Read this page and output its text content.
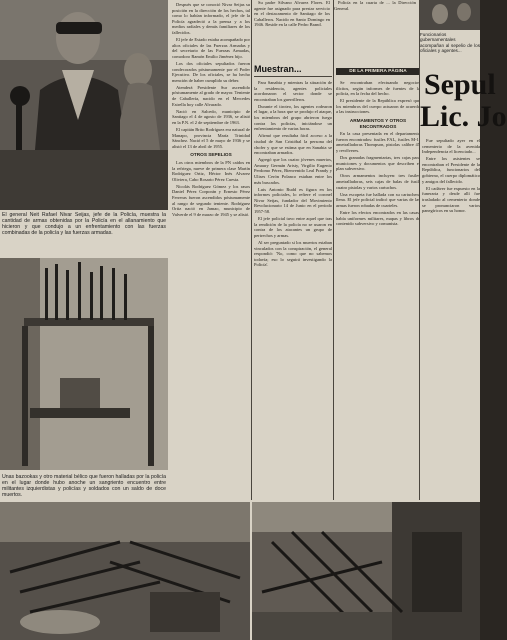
El general Neit Rafael Nivar Seijas, jefe de la Policía, muestra la cantidad de armas obtenidas por la Policía en el allanamiento que hicieron y que condujo a un enfrentamiento con las fuerzas combinadas de la policía y las fuerzas armadas.
Unas bazookas y otro material bélico que fueron halladas por la policía en el lugar donde hubo anoche un sangriento encuentro entre militantes izquierdistas y policías y soldados con un saldo de doce muertos.

Después que se conoció Nivar Seijas su posición en la dirección de los hechos, tal como lo habían informado, el jefe de la Policía agradeció a la prensa y a los medios radiales y demás familiares de los fallecidos.

El jefe de Estado estaba acompañado por altos oficiales de las Fuerzas Armadas y del secretario de las Fuerzas Armadas, comodoro Ramón Emilio Jiménez hijo.

Los dos oficiales sepultados fueron condecorados póstumamente por el Poder Ejecutivo. De los oficiales, se ha hecho mención de haber cumplido su deber.

Atenderá Presidente Sur ascendido póstumamente al grado de mayor. Teniente de Caballería, nacido en el Mercedes Estrella hoy calle Alvarado.

Nació en Salcedo, municipio de Santiago el 4 de agosto de 1936, se alistó en la P.N. el 2 de septiembre de 1963.

El capitán Brito Rodríguez era natural de Manapo, provincia María Trinidad Sánchez. Nació el 5 de mayo de 1936 y se alistó el 13 de abril de 1955.

OTROS SEPELIOS

Los otros miembros de la PN caídos en la refriega, nueve de primera clase Martín Rodríguez Ortiz, Héctor Inés Alvarez Oliviera, Cabo Rosario Pérez Cuesta.

Nicolás Rodríguez Gómez y los rasos Daniel Pérez Corporán y Ernesto Pérez Ferreras fueron ascendidos póstumamente al rango de segundo teniente. Rodríguez Ortiz nació en Jamao, municipio de Valverde el 9 de marzo de 1945 y se alistó.

Su padre Silvano Alvarez Flores. El agente fue asignado para prestar servicio en el destacamento de Santiago de los Caballeros. Nacido en Santo Domingo en 1946. Reside en la calle Pedro Brand.

Policía en la cuarta de ... la Dirección General.

Muestran...

Para Sanabia y mientras la situación de la residencia, agentes policiales acordonaron el sector donde se encontraban los guerrilleros.

Durante el tiroteo, los agentes rodearon el lugar, a la hora que se produjo el ataque, los miembros del grupo abrieron fuego contra los policías, iniciándose un enfrentamiento de varias horas.

Afirmó que resultaba fácil acceso a la ciudad de San Cristóbal la persona del chofer y que se estima que en Sanabia se encontraban armados.

Agregó que los cuatro jóvenes muertos, Amaury Germán Aristy, Virgilio Eugenio Perdomo Pérez, Bienvenido Leal Prandy y Ulises Cerón Polanco estaban entre los más buscados.

Luis Antonio Rudd es figura en los informes policiales, lo refiere el coronel Nivar Seijas, fundador del Movimiento Revolucionario 14 de Junio en el período 1957-58.

El jefe policial tuvo entre aquel que tras la rendición de la policía no se usaron en contra de los atacantes un grupo de pertrechos y armas.

Al ser preguntado si los muertos estaban vinculados con la conspiración, el general respondió: 'No, como que no sabemos todavía; eso lo seguirá investigando la Policía'.

DE LA PRIMERA PÁGINA

Se encontraban efectuando negocios ilícitos, según informes de fuentes de la policía, en la fecha del hecho.

El presidente de la República expresó que los miembros del cuerpo actuaron de acuerdo a las instrucciones.

ARMAMENTOS Y OTROS ENCONTRADOS

En la casa presentada en el departamento fueron encontrados: fusiles FAL, fusiles M-1, ametralladoras Thompson, pistolas calibre 45 y revólveres.

Dos granadas fragmentarias, tres cajas para municiones y documentos que describen el plan subversivo.

Otros armamentos incluyen: tres fusiles ametralladoras, seis cajas de balas de fusil, cuatro pistolas y varios cartuchos.

Una escopeta fue hallada con su cartuchera llena. El jefe policial indicó que varias de las armas fueron robadas de cuarteles.

Entre los efectos encontrados en las casas, había uniformes militares, mapas y libros de contenido subversivo y comunista.

Funcionarios gubernamentales acompañan al sepelio de los oficiales y agentes...
Sepul
Lic. Jo

Fue sepultado ayer en el cementerio de la avenida Independencia el licenciado...

Entre los asistentes se encontraban el Presidente de la República, funcionarios del gobierno, el cuerpo diplomático y amigos del fallecido.

El cadáver fue expuesto en la funeraria y desde allí fue trasladado al cementerio donde se pronunciaron varios panegíricos en su honor.
